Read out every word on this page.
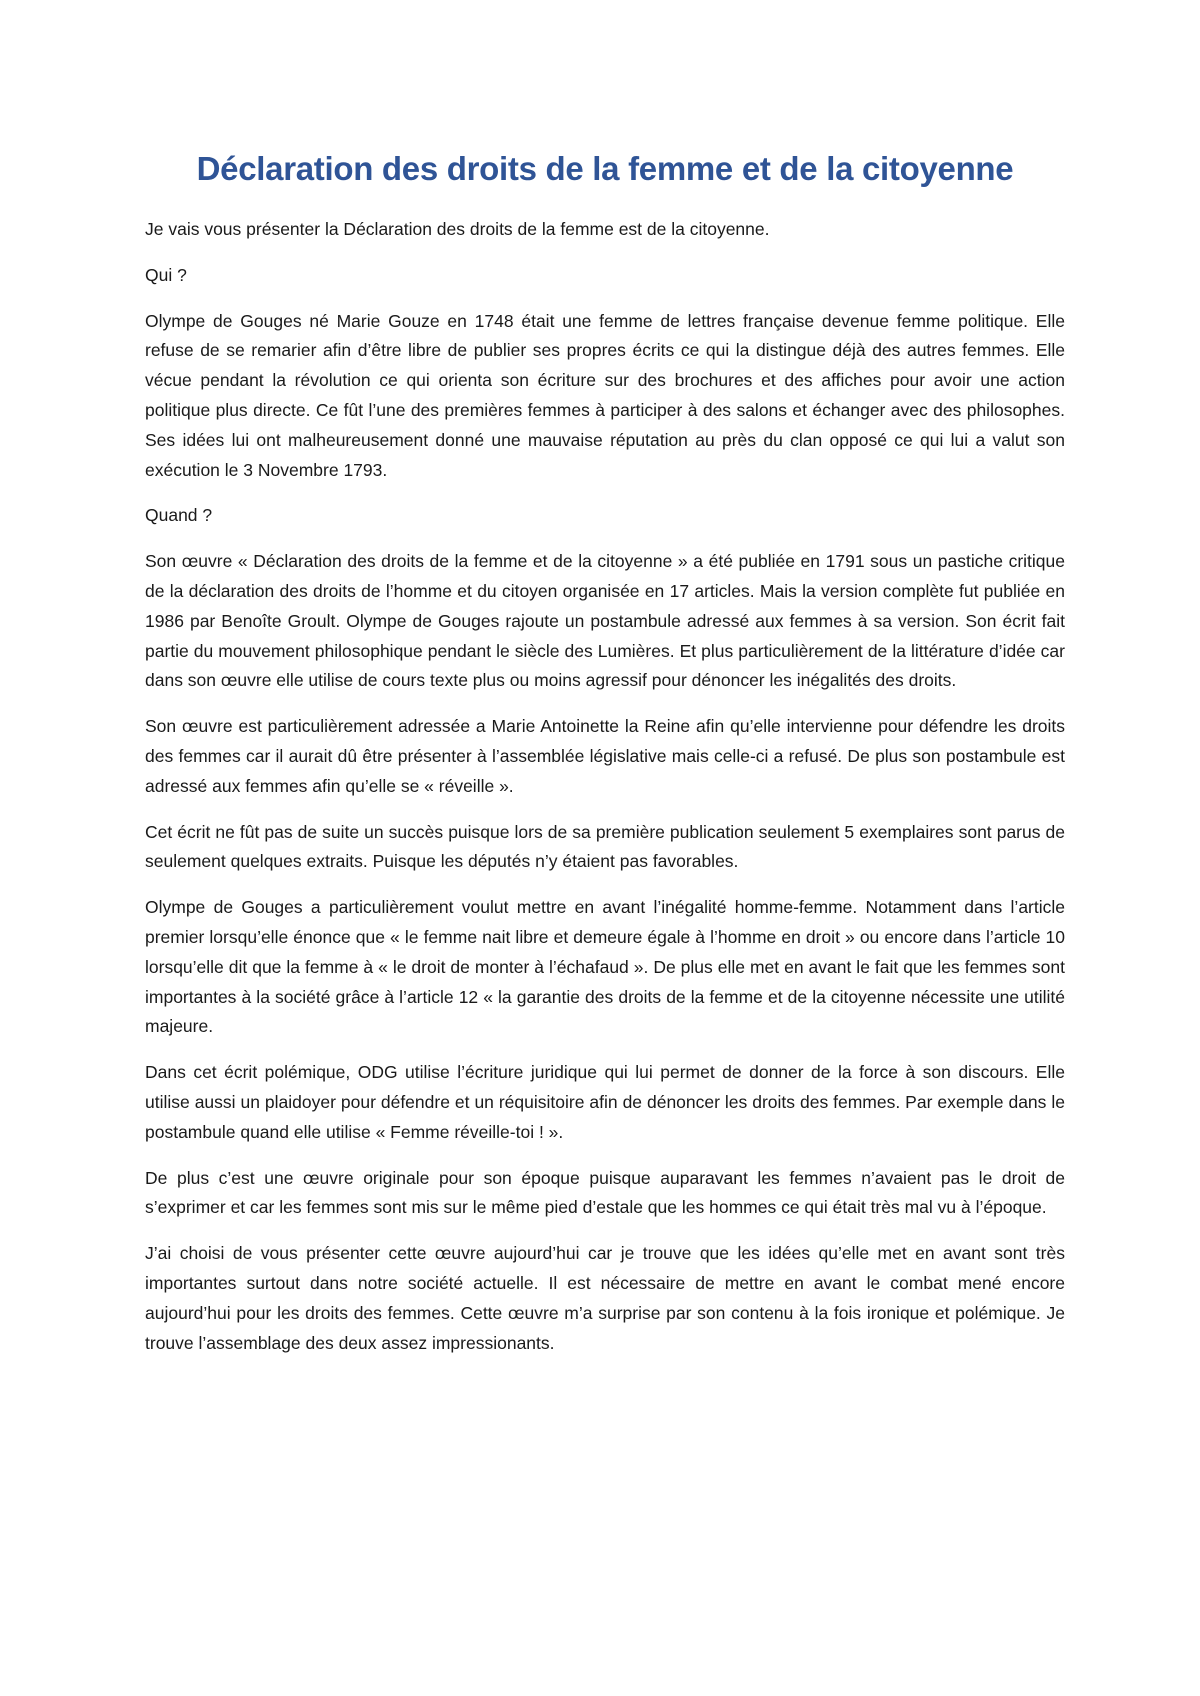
Déclaration des droits de la femme et de la citoyenne

Je vais vous présenter la Déclaration des droits de la femme est de la citoyenne.

Qui ?

Olympe de Gouges né Marie Gouze en 1748 était une femme de lettres française devenue femme politique. Elle refuse de se remarier afin d’être libre de publier ses propres écrits ce qui la distingue déjà des autres femmes. Elle vécue pendant la révolution ce qui orienta son écriture sur des brochures et des affiches pour avoir une action politique plus directe. Ce fût l’une des premières femmes à participer à des salons et échanger avec des philosophes. Ses idées lui ont malheureusement donné une mauvaise réputation au près du clan opposé ce qui lui a valut son exécution le 3 Novembre 1793.

Quand ?

Son œuvre « Déclaration des droits de la femme et de la citoyenne » a été publiée en 1791 sous un pastiche critique de la déclaration des droits de l’homme et du citoyen organisée en 17 articles. Mais la version complète fut publiée en 1986 par Benoîte Groult. Olympe de Gouges rajoute un postambule adressé aux femmes à sa version. Son écrit fait partie du mouvement philosophique pendant le siècle des Lumières. Et plus particulièrement de la littérature d’idée car dans son œuvre elle utilise de cours texte plus ou moins agressif pour dénoncer les inégalités des droits.

Son œuvre est particulièrement adressée a Marie Antoinette la Reine afin qu’elle intervienne pour défendre les droits des femmes car il aurait dû être présenter à l’assemblée législative mais celle-ci a refusé. De plus son postambule est adressé aux femmes afin qu’elle se « réveille ».

Cet écrit ne fût pas de suite un succès puisque lors de sa première publication seulement 5 exemplaires sont parus de seulement quelques extraits. Puisque les députés n’y étaient pas favorables.

Olympe de Gouges a particulièrement voulut mettre en avant l’inégalité homme-femme. Notamment dans l’article premier lorsqu’elle énonce que « le femme nait libre et demeure égale à l’homme en droit » ou encore dans l’article 10 lorsqu’elle dit que la femme à « le droit de monter à l’échafaud ». De plus elle met en avant le fait que les femmes sont importantes à la société grâce à l’article 12 « la garantie des droits de la femme et de la citoyenne nécessite une utilité majeure.

Dans cet écrit polémique, ODG utilise l’écriture juridique qui lui permet de donner de la force à son discours. Elle utilise aussi un plaidoyer pour défendre et un réquisitoire afin de dénoncer les droits des femmes. Par exemple dans le postambule quand elle utilise « Femme réveille-toi ! ».

De plus c’est une œuvre originale pour son époque puisque auparavant les femmes n’avaient pas le droit de s’exprimer et car les femmes sont mis sur le même pied d’estale que les hommes ce qui était très mal vu à l’époque.

J’ai choisi de vous présenter cette œuvre aujourd’hui car je trouve que les idées qu’elle met en avant sont très importantes surtout dans notre société actuelle. Il est nécessaire de mettre en avant le combat mené encore aujourd’hui pour les droits des femmes. Cette œuvre m’a surprise par son contenu à la fois ironique et polémique. Je trouve l’assemblage des deux assez impressionants.
